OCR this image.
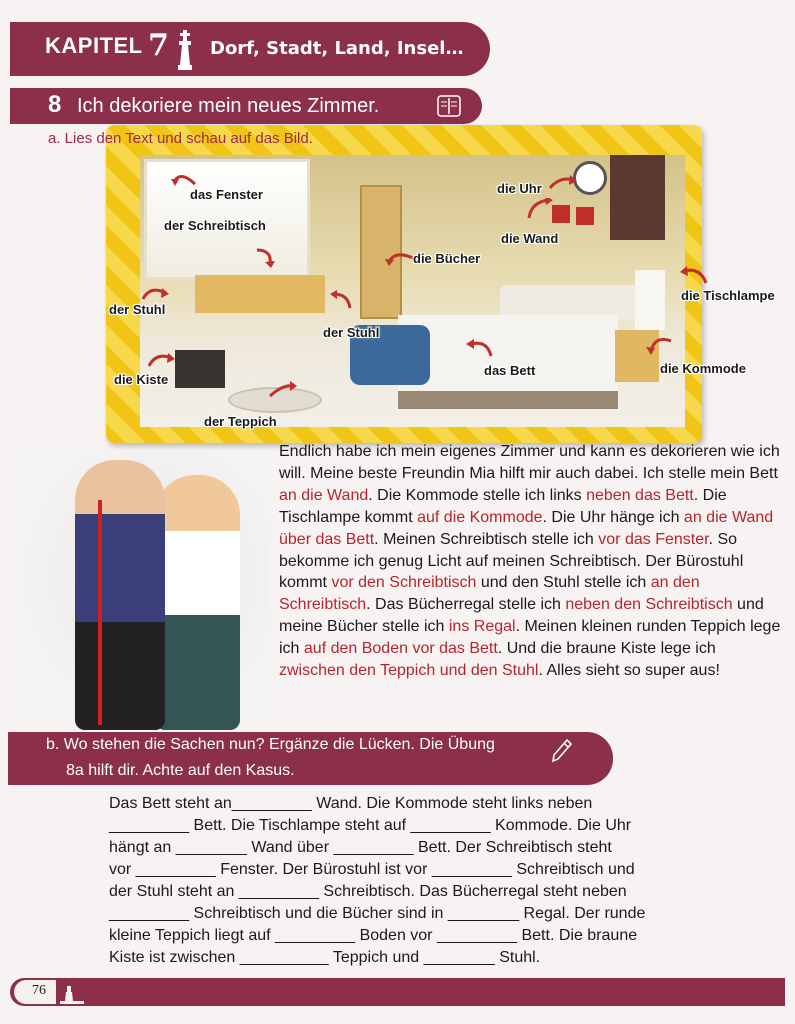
KAPITEL 7 Dorf, Stadt, Land, Insel…
8 Ich dekoriere mein neues Zimmer.
a. Lies den Text und schau auf das Bild.
das Fenster
der Schreibtisch
der Stuhl
die Kiste
der Teppich
der Stuhl
die Bücher
die Uhr
die Wand
die Tischlampe
die Kommode
das Bett
Endlich habe ich mein eigenes Zimmer und kann es dekorieren wie ich will. Meine beste Freundin Mia hilft mir auch dabei. Ich stelle mein Bett an die Wand. Die Kommode stelle ich links neben das Bett. Die Tischlampe kommt auf die Kommode. Die Uhr hänge ich an die Wand über das Bett. Meinen Schreibtisch stelle ich vor das Fenster. So bekomme ich genug Licht auf meinen Schreibtisch. Der Bürostuhl kommt vor den Schreibtisch und den Stuhl stelle ich an den Schreibtisch. Das Bücherregal stelle ich neben den Schreibtisch und meine Bücher stelle ich ins Regal. Meinen kleinen runden Teppich lege ich auf den Boden vor das Bett. Und die braune Kiste lege ich zwischen den Teppich und den Stuhl. Alles sieht so super aus!
b. Wo stehen die Sachen nun? Ergänze die Lücken. Die Übung
8a hilft dir. Achte auf den Kasus.
Das Bett steht an_________ Wand. Die Kommode steht links neben
_________ Bett. Die Tischlampe steht auf _________ Kommode. Die Uhr
hängt an ________ Wand über _________ Bett. Der Schreibtisch steht
vor _________ Fenster. Der Bürostuhl ist vor _________ Schreibtisch und
der Stuhl steht an _________ Schreibtisch. Das Bücherregal steht neben
_________ Schreibtisch und die Bücher sind in ________ Regal. Der runde
kleine Teppich liegt auf _________ Boden vor _________ Bett. Die braune
Kiste ist zwischen __________ Teppich und ________ Stuhl.
76
